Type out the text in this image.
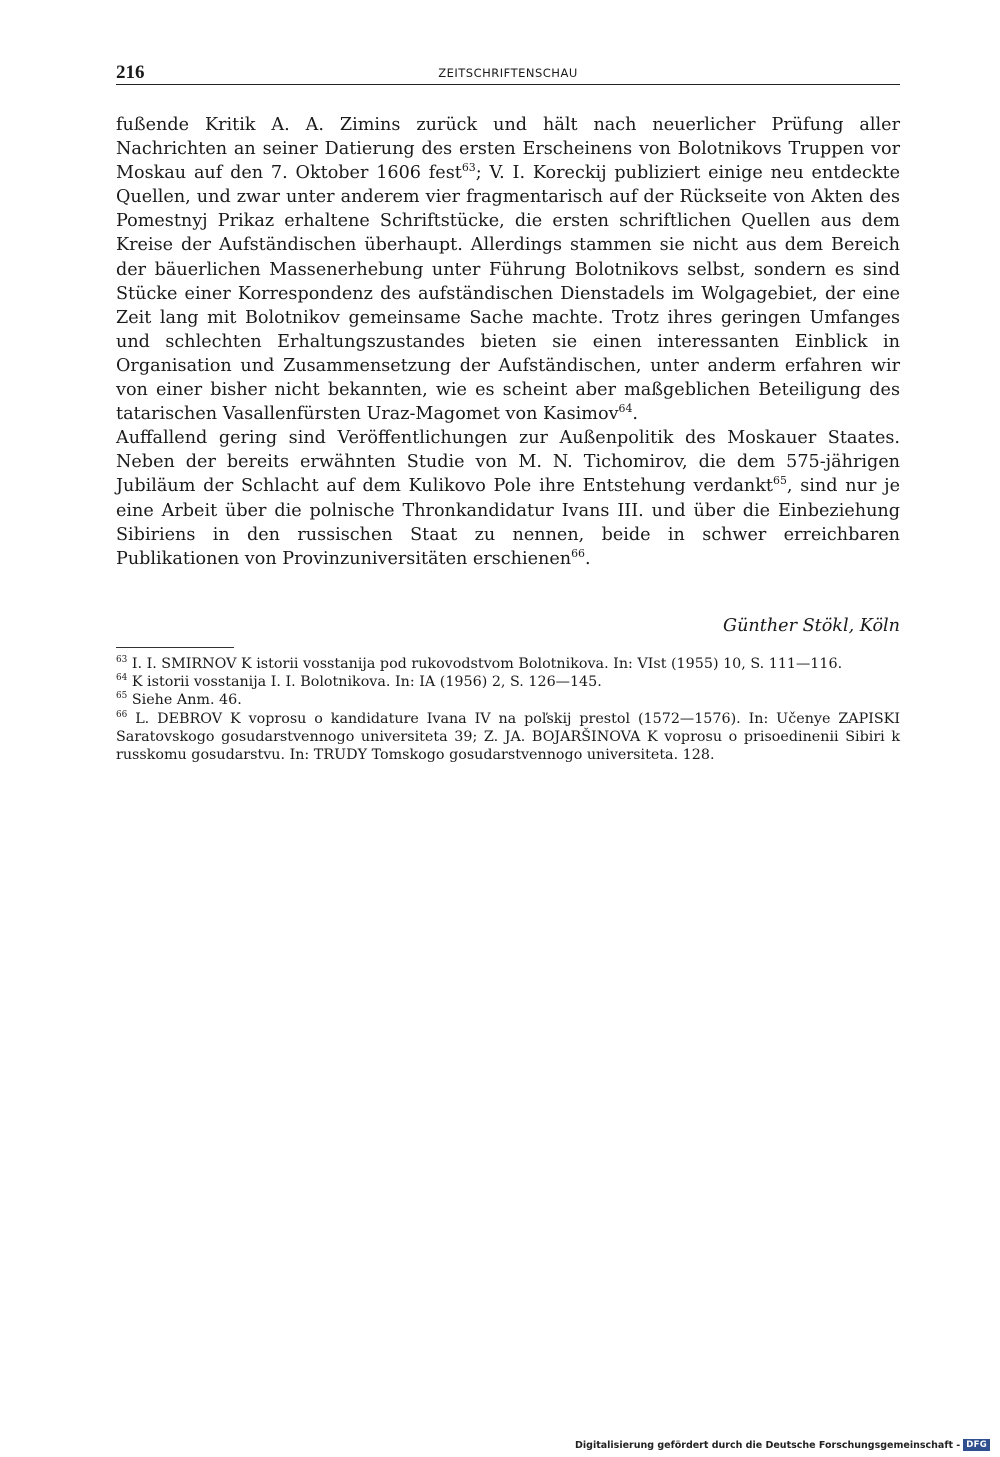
216	ZEITSCHRIFTENSCHAU

fußende Kritik A. A. Zimins zurück und hält nach neuerlicher Prüfung aller Nachrichten an seiner Datierung des ersten Erscheinens von Bolotnikovs Truppen vor Moskau auf den 7. Oktober 1606 fest$^{63}$; V. I. Koreckij publiziert einige neu entdeckte Quellen, und zwar unter anderem vier fragmentarisch auf der Rückseite von Akten des Pomestnyj Prikaz erhaltene Schriftstücke, die ersten schriftlichen Quellen aus dem Kreise der Aufständischen überhaupt. Allerdings stammen sie nicht aus dem Bereich der bäuerlichen Massenerhebung unter Führung Bolotnikovs selbst, sondern es sind Stücke einer Korrespondenz des aufständischen Dienstadels im Wolgagebiet, der eine Zeit lang mit Bolotnikov gemeinsame Sache machte. Trotz ihres geringen Umfanges und schlechten Erhaltungszustandes bieten sie einen interessanten Einblick in Organisation und Zusammensetzung der Aufständischen, unter anderm erfahren wir von einer bisher nicht bekannten, wie es scheint aber maßgeblichen Beteiligung des tatarischen Vasallenfürsten Uraz-Magomet von Kasimov$^{64}$.

Auffallend gering sind Veröffentlichungen zur Außenpolitik des Moskauer Staates. Neben der bereits erwähnten Studie von M. N. Tichomirov, die dem 575-jährigen Jubiläum der Schlacht auf dem Kulikovo Pole ihre Entstehung verdankt$^{65}$, sind nur je eine Arbeit über die polnische Thronkandidatur Ivans III. und über die Einbeziehung Sibiriens in den russischen Staat zu nennen, beide in schwer erreichbaren Publikationen von Provinzuniversitäten erschienen$^{66}$.

Günther Stökl, Köln

$^{63}$ I. I. SMIRNOV K istorii vosstanija pod rukovodstvom Bolotnikova. In: VIst (1955) 10, S. 111—116.

$^{64}$ K istorii vosstanija I. I. Bolotnikova. In: IA (1956) 2, S. 126—145.

$^{65}$ Siehe Anm. 46.

$^{66}$ L. DEBROV K voprosu o kandidature Ivana IV na poľskij prestol (1572—1576). In: Učenye ZAPISKI Saratovskogo gosudarstvennogo universiteta 39; Z. JA. BOJARŠINOVA K voprosu o prisoedinenii Sibiri k russkomu gosudarstvu. In: TRUDY Tomskogo gosudarstvennogo universiteta. 128.

Digitalisierung gefördert durch die Deutsche Forschungsgemeinschaft - DFG
